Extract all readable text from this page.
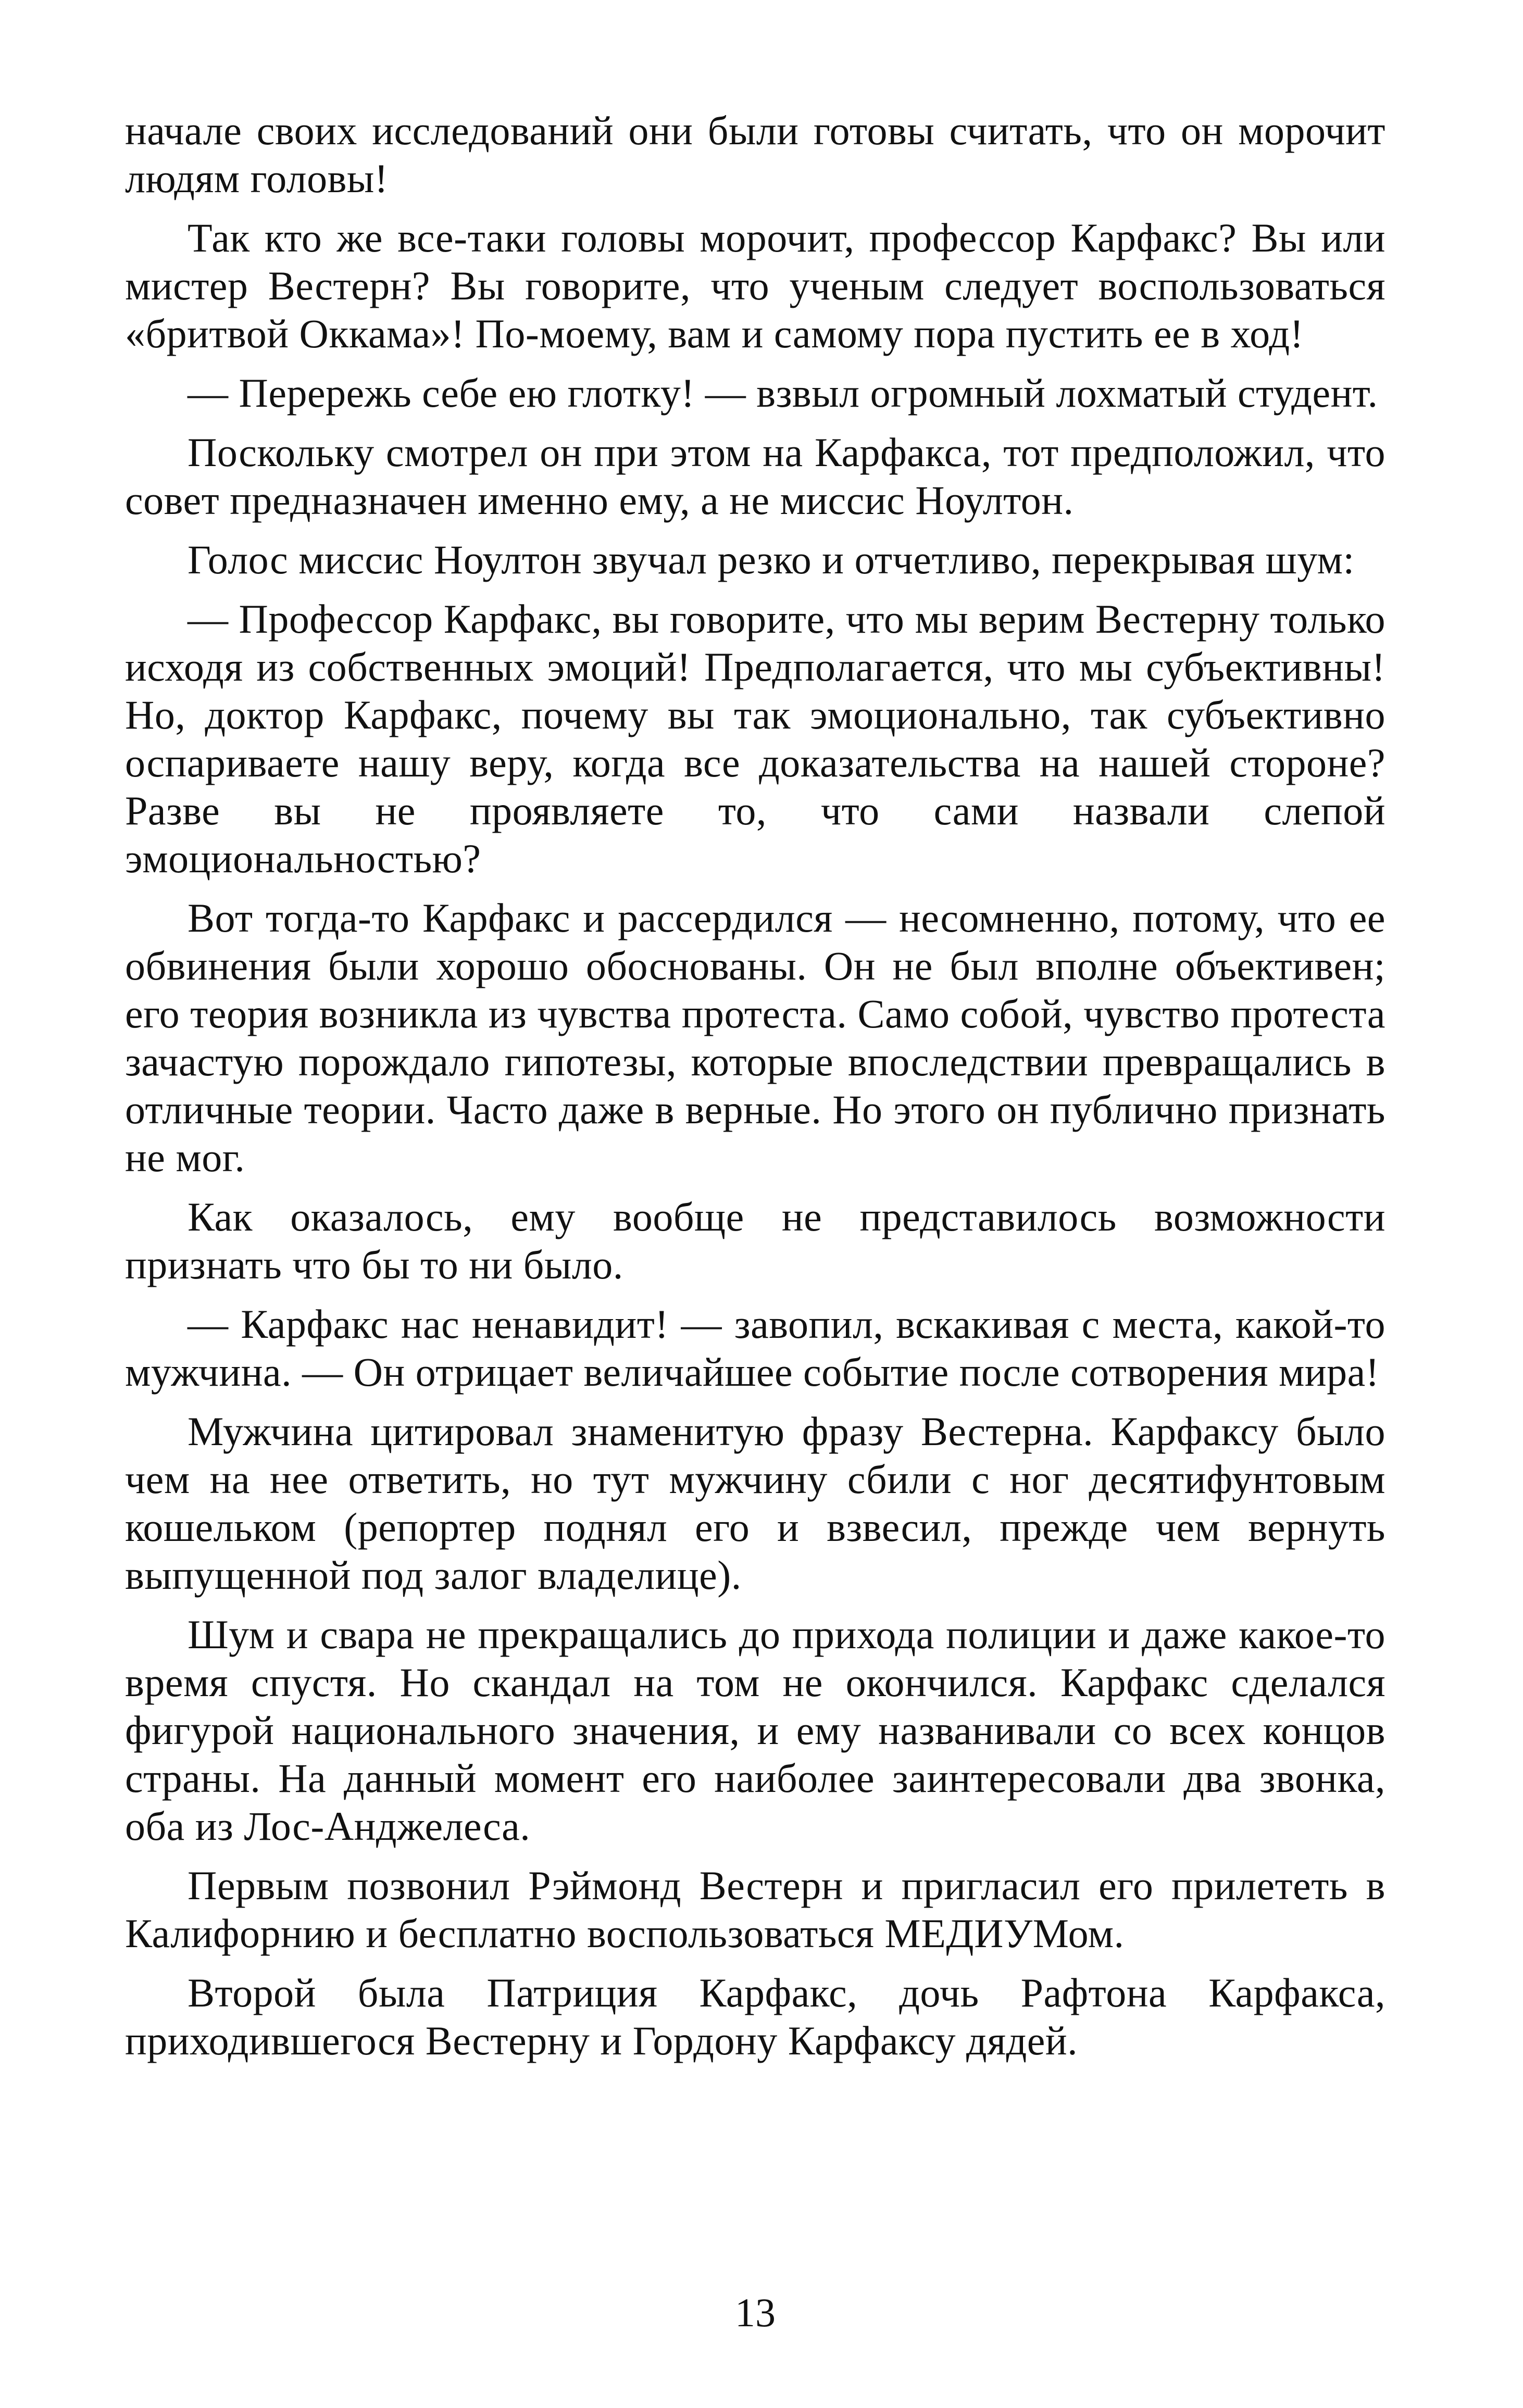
начале своих исследований они были готовы считать, что он морочит людям головы!

Так кто же все-таки головы морочит, профессор Карфакс? Вы или мистер Вестерн? Вы говорите, что ученым следует воспользоваться «бритвой Оккама»! По-моему, вам и самому пора пустить ее в ход!

— Перережь себе ею глотку! — взвыл огромный лохматый студент.

Поскольку смотрел он при этом на Карфакса, тот предположил, что совет предназначен именно ему, а не миссис Ноултон.

Голос миссис Ноултон звучал резко и отчетливо, перекрывая шум:

— Профессор Карфакс, вы говорите, что мы верим Вестерну только исходя из собственных эмоций! Предполагается, что мы субъективны! Но, доктор Карфакс, почему вы так эмоционально, так субъективно оспариваете нашу веру, когда все доказательства на нашей стороне? Разве вы не проявляете то, что сами назвали слепой эмоциональностью?

Вот тогда-то Карфакс и рассердился — несомненно, потому, что ее обвинения были хорошо обоснованы. Он не был вполне объективен; его теория возникла из чувства протеста. Само собой, чувство протеста зачастую порождало гипотезы, которые впоследствии превращались в отличные теории. Часто даже в верные. Но этого он публично признать не мог.

Как оказалось, ему вообще не представилось возможности признать что бы то ни было.

— Карфакс нас ненавидит! — завопил, вскакивая с места, какой-то мужчина. — Он отрицает величайшее событие после сотворения мира!

Мужчина цитировал знаменитую фразу Вестерна. Карфаксу было чем на нее ответить, но тут мужчину сбили с ног десятифунтовым кошельком (репортер поднял его и взвесил, прежде чем вернуть выпущенной под залог владелице).

Шум и свара не прекращались до прихода полиции и даже какое-то время спустя. Но скандал на том не окончился. Карфакс сделался фигурой национального значения, и ему названивали со всех концов страны. На данный момент его наиболее заинтересовали два звонка, оба из Лос-Анджелеса.

Первым позвонил Рэймонд Вестерн и пригласил его прилететь в Калифорнию и бесплатно воспользоваться МЕДИУМом.

Второй была Патриция Карфакс, дочь Рафтона Карфакса, приходившегося Вестерну и Гордону Карфаксу дядей.

13
